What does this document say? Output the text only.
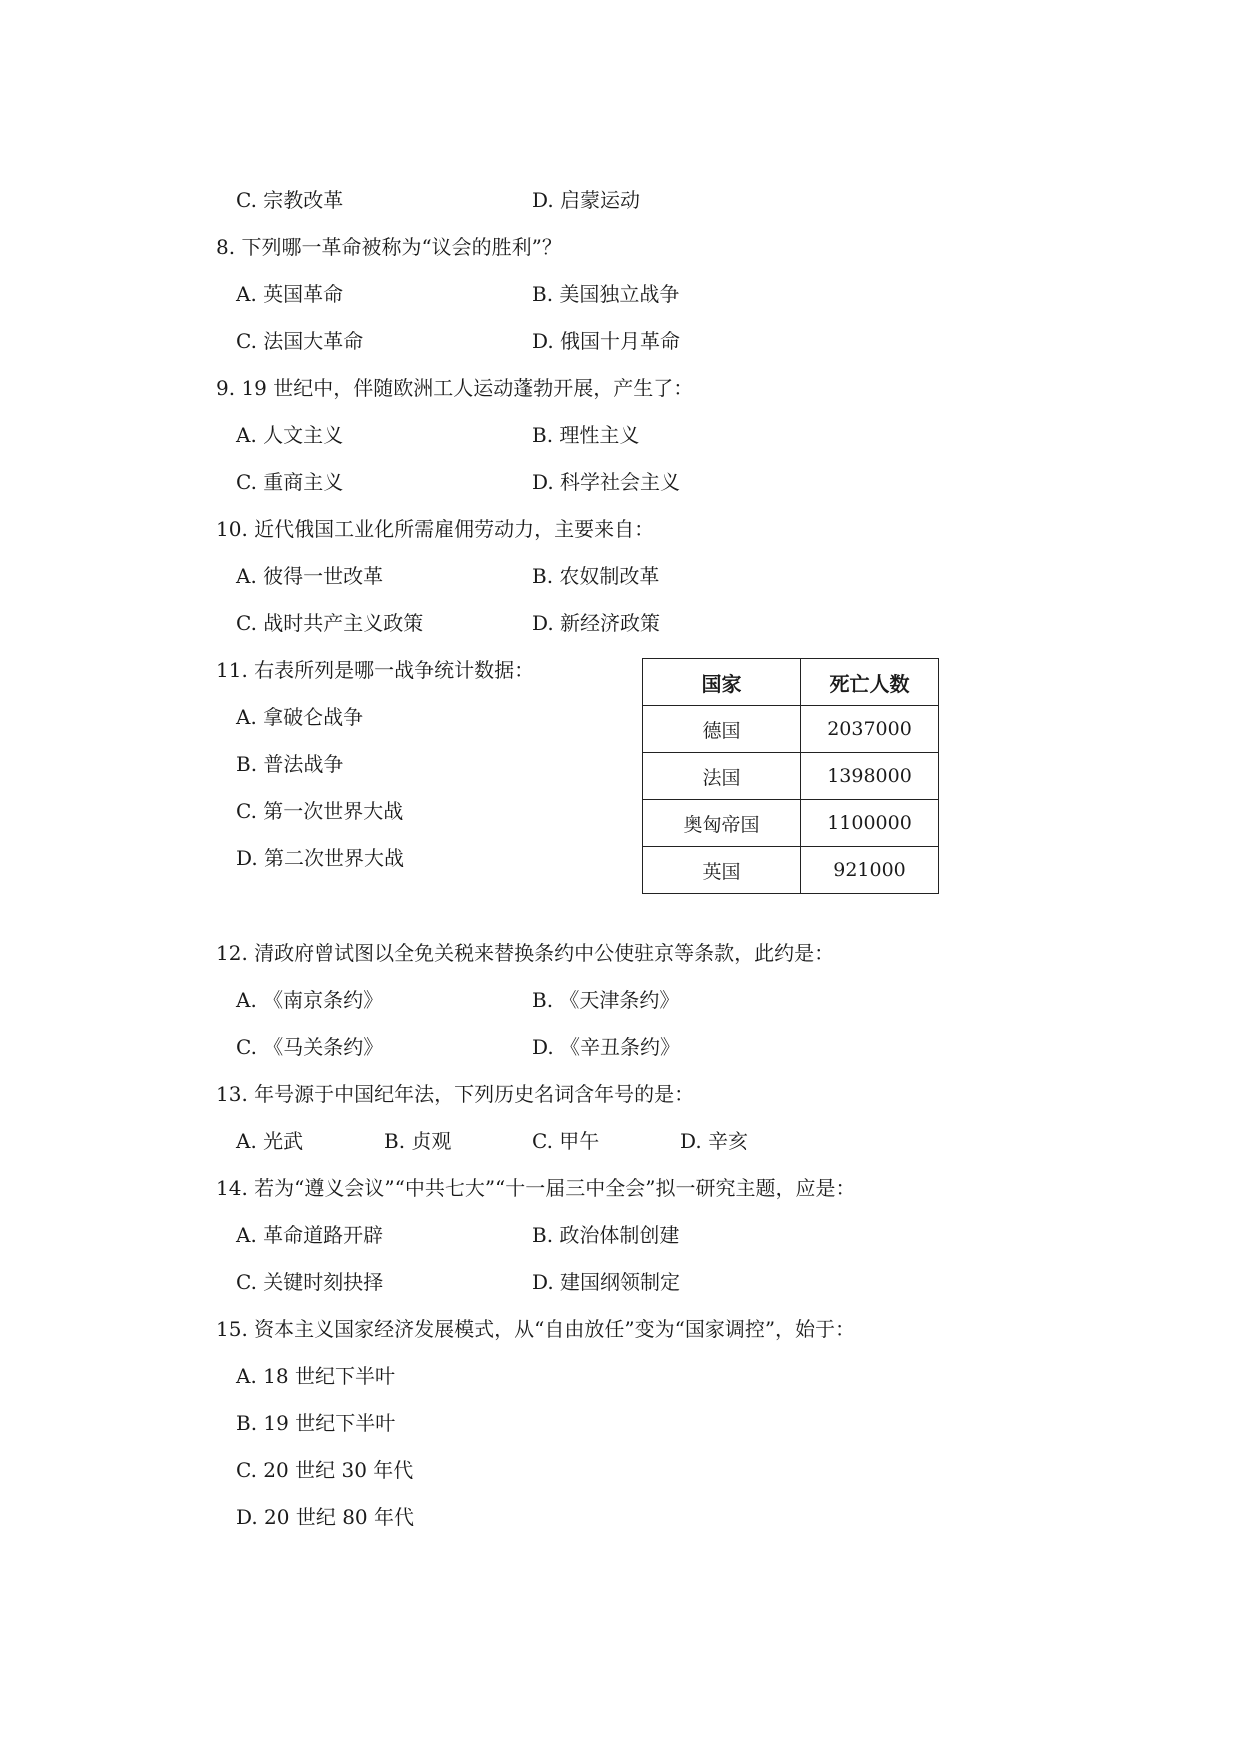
C. 宗教改革	D. 启蒙运动
8. 下列哪一革命被称为“议会的胜利”？
A. 英国革命	B. 美国独立战争
C. 法国大革命	D. 俄国十月革命
9. 19 世纪中，伴随欧洲工人运动蓬勃开展，产生了：
A. 人文主义	B. 理性主义
C. 重商主义	D. 科学社会主义
10. 近代俄国工业化所需雇佣劳动力，主要来自：
A. 彼得一世改革	B. 农奴制改革
C. 战时共产主义政策	D. 新经济政策
11. 右表所列是哪一战争统计数据：
A. 拿破仑战争
B. 普法战争
C. 第一次世界大战
D. 第二次世界大战
国家	死亡人数
德国	2037000
法国	1398000
奥匈帝国	1100000
英国	921000
12. 清政府曾试图以全免关税来替换条约中公使驻京等条款，此约是：
A. 《南京条约》	B. 《天津条约》
C. 《马关条约》	D. 《辛丑条约》
13. 年号源于中国纪年法，下列历史名词含年号的是：
A. 光武	B. 贞观	C. 甲午	D. 辛亥
14. 若为“遵义会议”“中共七大”“十一届三中全会”拟一研究主题，应是：
A. 革命道路开辟	B. 政治体制创建
C. 关键时刻抉择	D. 建国纲领制定
15. 资本主义国家经济发展模式，从“自由放任”变为“国家调控”，始于：
A. 18 世纪下半叶
B. 19 世纪下半叶
C. 20 世纪 30 年代
D. 20 世纪 80 年代
